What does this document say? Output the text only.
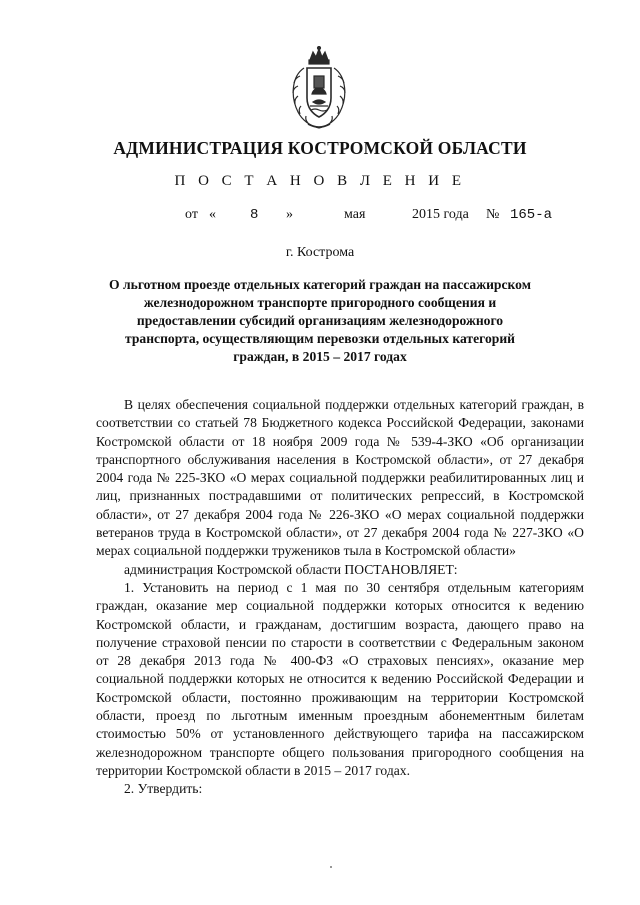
АДМИНИСТРАЦИЯ КОСТРОМСКОЙ ОБЛАСТИ
П О С Т А Н О В Л Е Н И Е
от « 8 »	мая	2015 года № 165-а
г. Кострома
О льготном проезде отдельных категорий граждан на пассажирском железнодорожном транспорте пригородного сообщения и предоставлении субсидий организациям железнодорожного транспорта, осуществляющим перевозки отдельных категорий граждан, в 2015 – 2017 годах

В целях обеспечения социальной поддержки отдельных категорий граждан, в соответствии со статьей 78 Бюджетного кодекса Российской Федерации, законами Костромской области от 18 ноября 2009 года № 539-4-ЗКО «Об организации транспортного обслуживания населения в Костромской области», от 27 декабря 2004 года № 225-ЗКО «О мерах социальной поддержки реабилитированных лиц и лиц, признанных пострадавшими от политических репрессий, в Костромской области», от 27 декабря 2004 года № 226-ЗКО «О мерах социальной поддержки ветеранов труда в Костромской области», от 27 декабря 2004 года № 227-ЗКО «О мерах социальной поддержки тружеников тыла в Костромской области»

администрация Костромской области ПОСТАНОВЛЯЕТ:

1. Установить на период с 1 мая по 30 сентября отдельным категориям граждан, оказание мер социальной поддержки которых относится к ведению Костромской области, и гражданам, достигшим возраста, дающего право на получение страховой пенсии по старости в соответствии с Федеральным законом от 28 декабря 2013 года № 400-ФЗ «О страховых пенсиях», оказание мер социальной поддержки которых не относится к ведению Российской Федерации и Костромской области, постоянно проживающим на территории Костромской области, проезд по льготным именным проездным абонементным билетам стоимостью 50% от установленного действующего тарифа на пассажирском железнодорожном транспорте общего пользования пригородного сообщения на территории Костромской области в 2015 – 2017 годах.

2. Утвердить:
